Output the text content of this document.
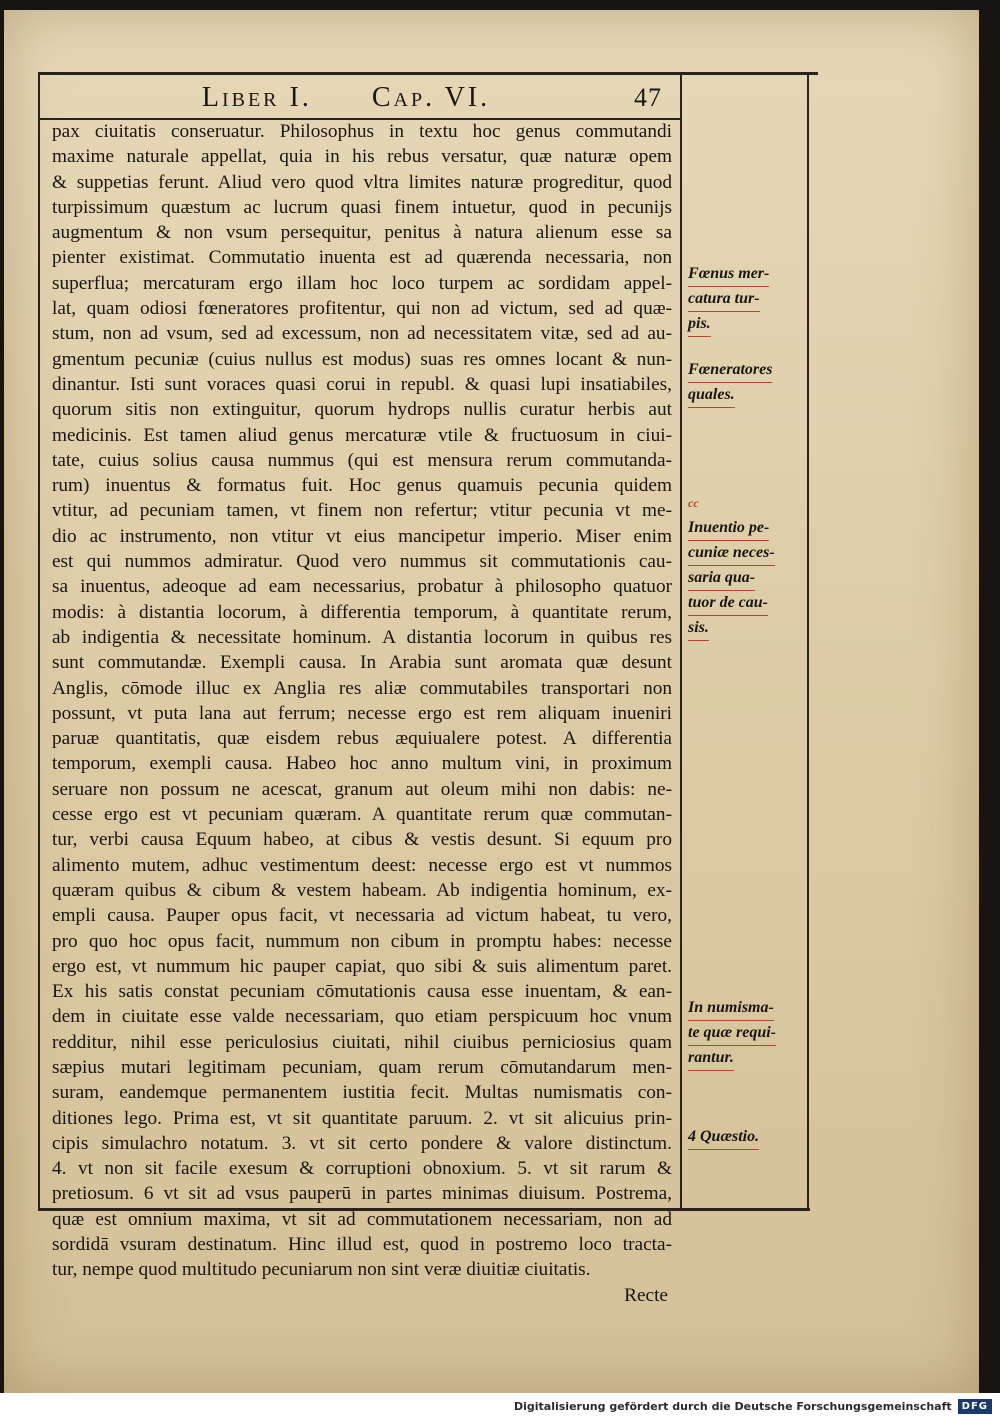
Liber I. Cap. VI.	47
pax ciuitatis conseruatur. Philosophus in textu hoc genus commutandi
maxime naturale appellat, quia in his rebus versatur, quæ naturæ opem
& suppetias ferunt. Aliud vero quod vltra limites naturæ progreditur, quod
turpissimum quæstum ac lucrum quasi finem intuetur, quod in pecunijs
augmentum & non vsum persequitur, penitus à natura alienum esse sa
pienter existimat. Commutatio inuenta est ad quærenda necessaria, non
superflua; mercaturam ergo illam hoc loco turpem ac sordidam appel-
lat, quam odiosi fœneratores profitentur, qui non ad victum, sed ad quæ-
stum, non ad vsum, sed ad excessum, non ad necessitatem vitæ, sed ad au-
gmentum pecuniæ (cuius nullus est modus) suas res omnes locant & nun-
dinantur. Isti sunt voraces quasi corui in republ. & quasi lupi insatiabiles,
quorum sitis non extinguitur, quorum hydrops nullis curatur herbis aut
medicinis. Est tamen aliud genus mercaturæ vtile & fructuosum in ciui-
tate, cuius solius causa nummus (qui est mensura rerum commutanda-
rum) inuentus & formatus fuit. Hoc genus quamuis pecunia quidem
vtitur, ad pecuniam tamen, vt finem non refertur; vtitur pecunia vt me-
dio ac instrumento, non vtitur vt eius mancipetur imperio. Miser enim
est qui nummos admiratur. Quod vero nummus sit commutationis cau-
sa inuentus, adeoque ad eam necessarius, probatur à philosopho quatuor
modis: à distantia locorum, à differentia temporum, à quantitate rerum,
ab indigentia & necessitate hominum. A distantia locorum in quibus res
sunt commutandæ. Exempli causa. In Arabia sunt aromata quæ desunt
Anglis, cōmode illuc ex Anglia res aliæ commutabiles transportari non
possunt, vt puta lana aut ferrum; necesse ergo est rem aliquam inueniri
paruæ quantitatis, quæ eisdem rebus æquiualere potest. A differentia
temporum, exempli causa. Habeo hoc anno multum vini, in proximum
seruare non possum ne acescat, granum aut oleum mihi non dabis: ne-
cesse ergo est vt pecuniam quæram. A quantitate rerum quæ commutan-
tur, verbi causa Equum habeo, at cibus & vestis desunt. Si equum pro
alimento mutem, adhuc vestimentum deest: necesse ergo est vt nummos
quæram quibus & cibum & vestem habeam. Ab indigentia hominum, ex-
empli causa. Pauper opus facit, vt necessaria ad victum habeat, tu vero,
pro quo hoc opus facit, nummum non cibum in promptu habes: necesse
ergo est, vt nummum hic pauper capiat, quo sibi & suis alimentum paret.
Ex his satis constat pecuniam cōmutationis causa esse inuentam, & ean-
dem in ciuitate esse valde necessariam, quo etiam perspicuum hoc vnum
redditur, nihil esse periculosius ciuitati, nihil ciuibus perniciosius quam
sæpius mutari legitimam pecuniam, quam rerum cōmutandarum men-
suram, eandemque permanentem iustitia fecit. Multas numismatis con-
ditiones lego. Prima est, vt sit quantitate paruum. 2. vt sit alicuius prin-
cipis simulachro notatum. 3. vt sit certo pondere & valore distinctum.
4. vt non sit facile exesum & corruptioni obnoxium. 5. vt sit rarum &
pretiosum. 6 vt sit ad vsus pauperū in partes minimas diuisum. Postrema,
quæ est omnium maxima, vt sit ad commutationem necessariam, non ad
sordidā vsuram destinatum. Hinc illud est, quod in postremo loco tracta-
tur, nempe quod multitudo pecuniarum non sint veræ diuitiæ ciuitatis.
Recte
Fœnus mer-
catura tur-
pis.
Fœneratores
quales.
cc
Inuentio pe-
cuniæ neces-
saria qua-
tuor de cau-
sis.
In numisma-
te quæ requi-
rantur.
4 Quæstio.
Digitalisierung gefördert durch die Deutsche Forschungsgemeinschaft	DFG
